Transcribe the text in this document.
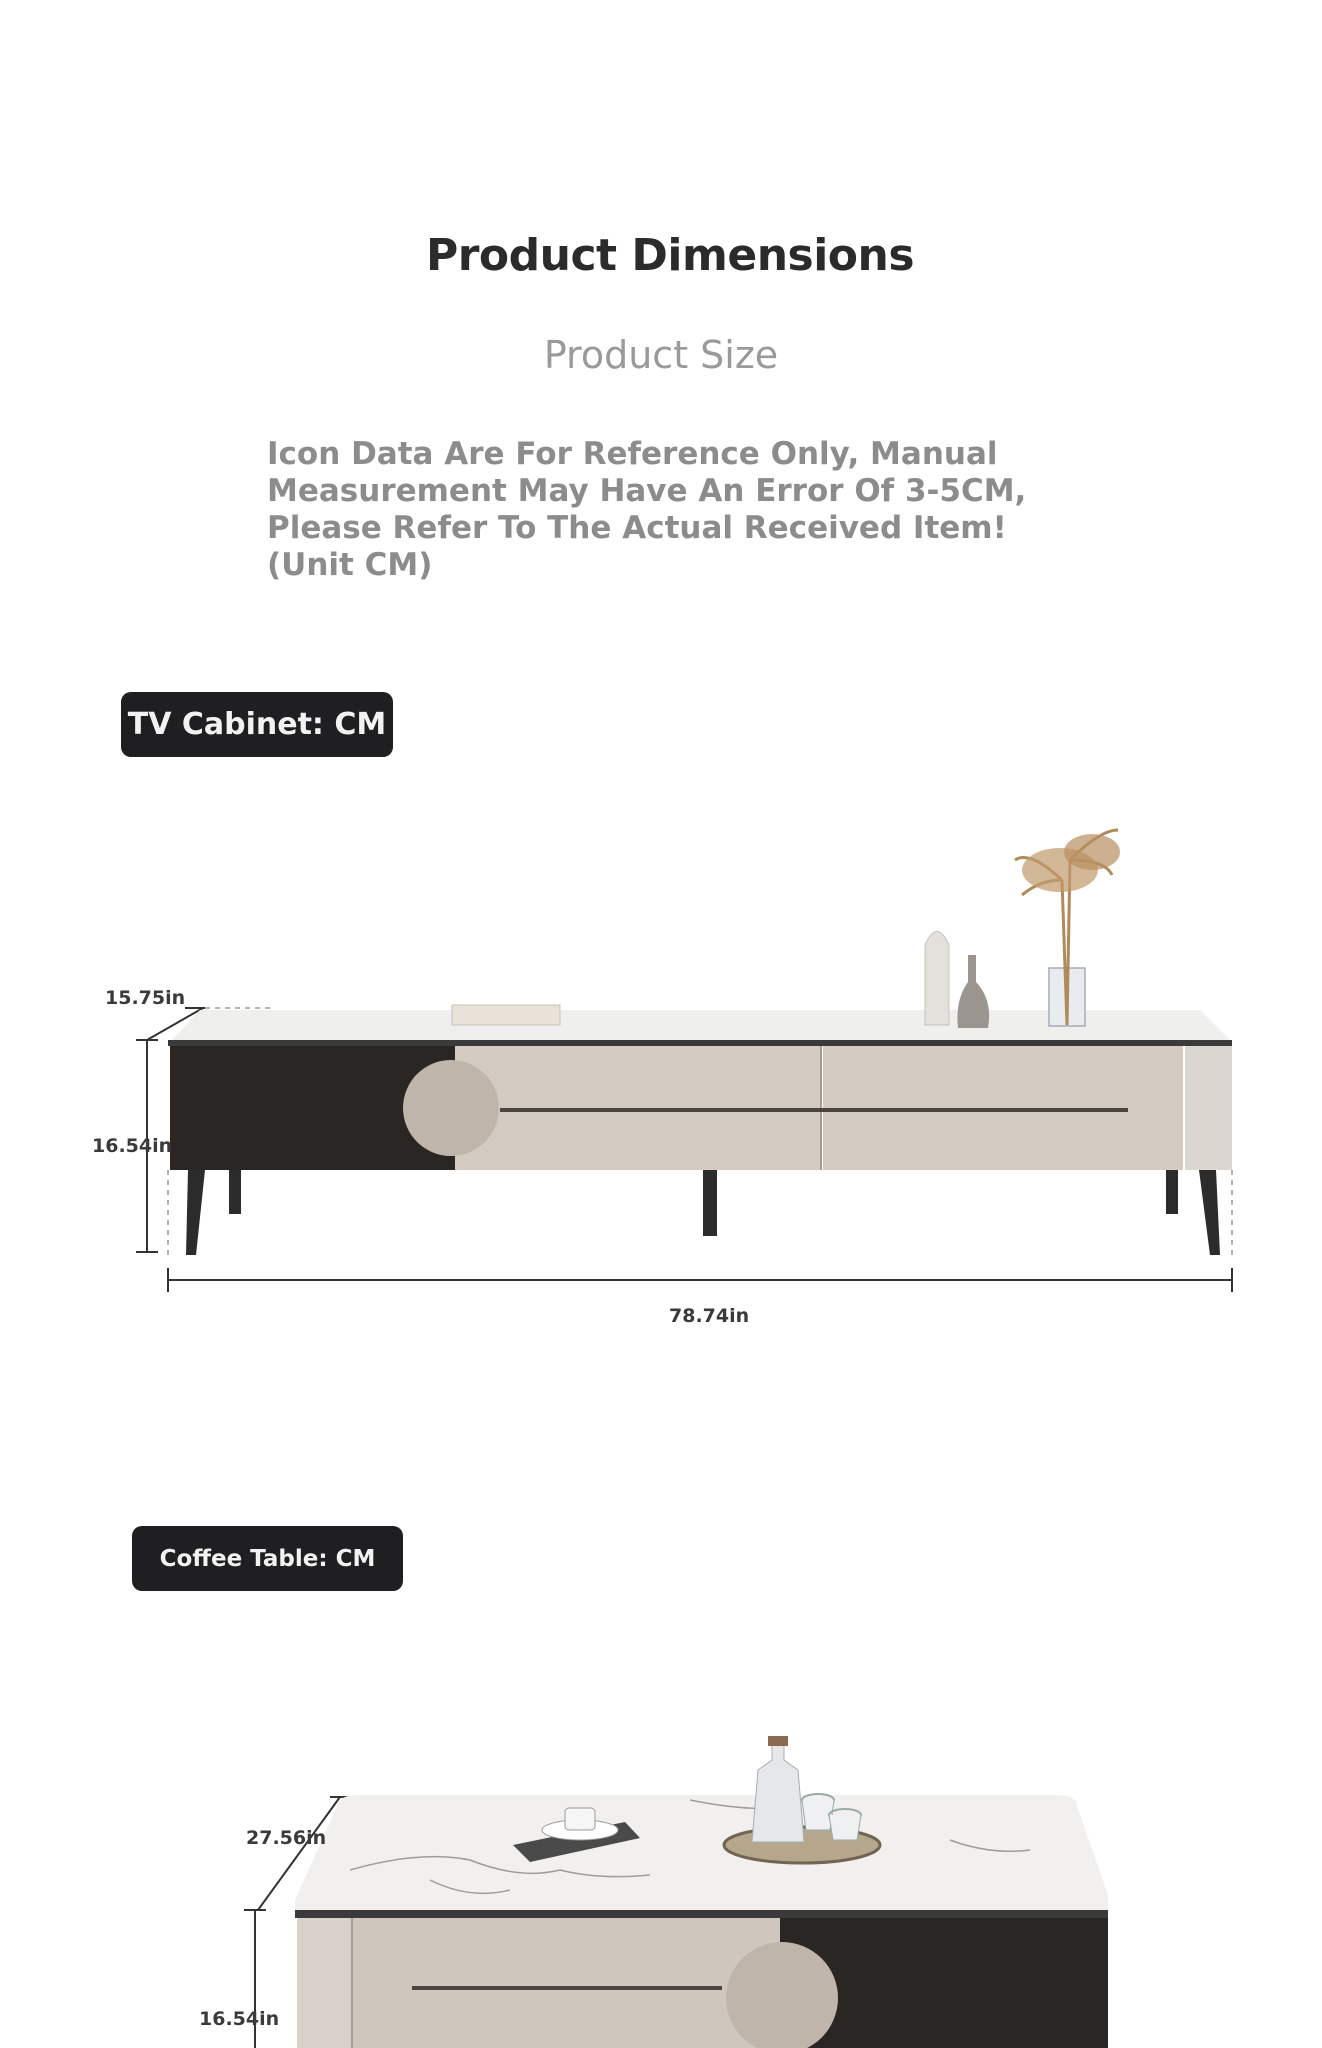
Product Dimensions
Product Size
Icon Data Are For Reference Only, Manual Measurement May Have An Error Of 3-5CM, Please Refer To The Actual Received Item! (Unit CM)
TV Cabinet: CM
15.75in
16.54in
78.74in
Coffee Table: CM
27.56in
16.54in
